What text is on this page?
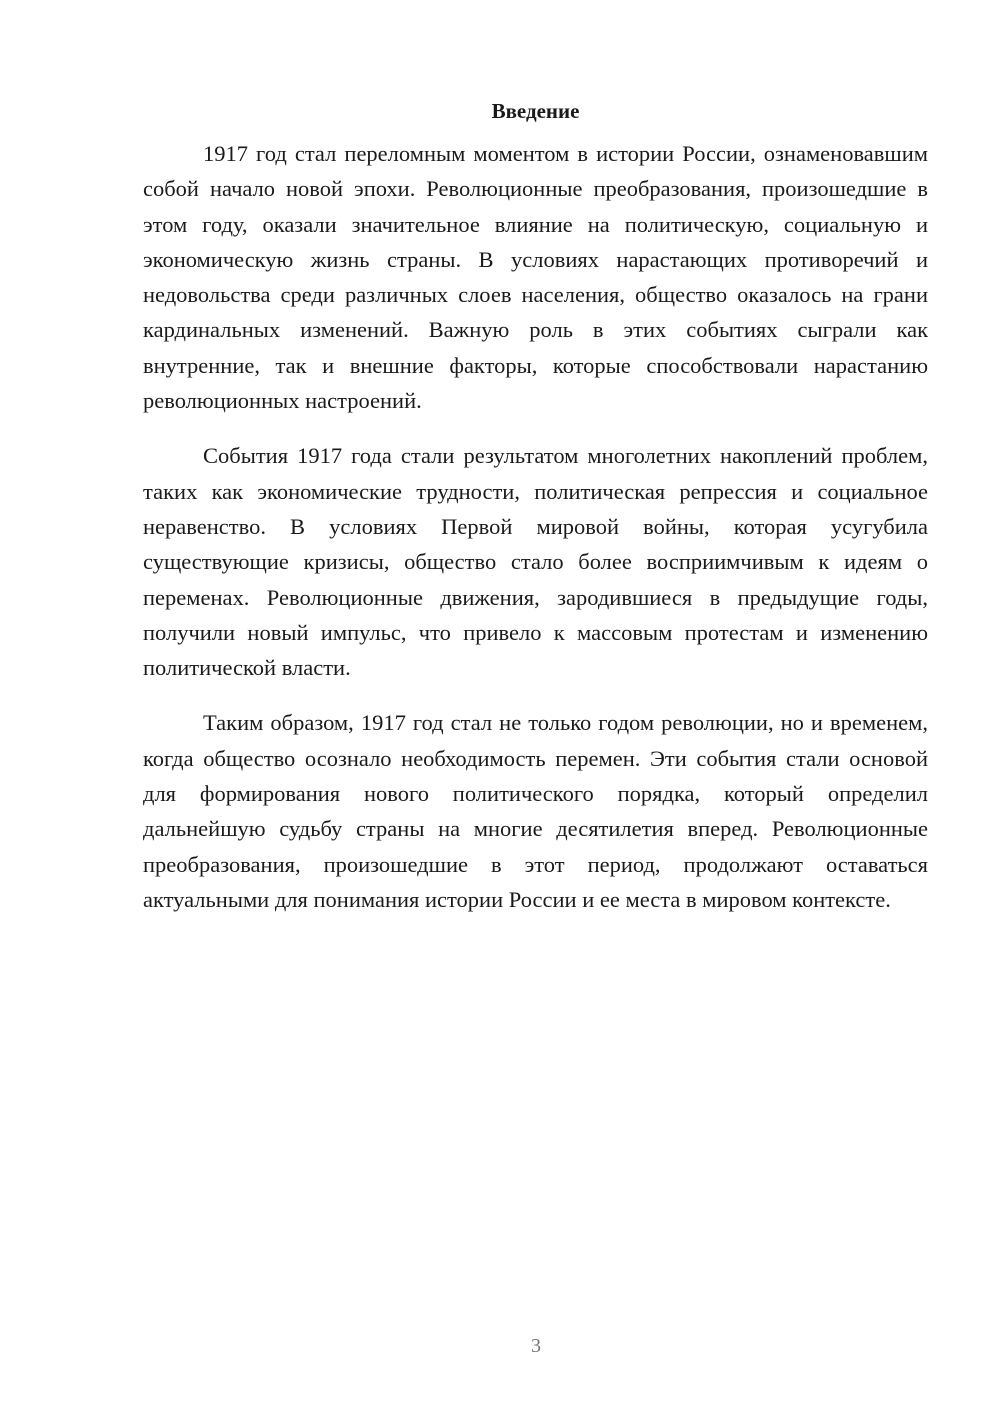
Введение

1917 год стал переломным моментом в истории России, ознаменовавшим собой начало новой эпохи. Революционные преобразования, произошедшие в этом году, оказали значительное влияние на политическую, социальную и экономическую жизнь страны. В условиях нарастающих противоречий и недовольства среди различных слоев населения, общество оказалось на грани кардинальных изменений. Важную роль в этих событиях сыграли как внутренние, так и внешние факторы, которые способствовали нарастанию революционных настроений.

События 1917 года стали результатом многолетних накоплений проблем, таких как экономические трудности, политическая репрессия и социальное неравенство. В условиях Первой мировой войны, которая усугубила существующие кризисы, общество стало более восприимчивым к идеям о переменах. Революционные движения, зародившиеся в предыдущие годы, получили новый импульс, что привело к массовым протестам и изменению политической власти.

Таким образом, 1917 год стал не только годом революции, но и временем, когда общество осознало необходимость перемен. Эти события стали основой для формирования нового политического порядка, который определил дальнейшую судьбу страны на многие десятилетия вперед. Революционные преобразования, произошедшие в этот период, продолжают оставаться актуальными для понимания истории России и ее места в мировом контексте.

3
